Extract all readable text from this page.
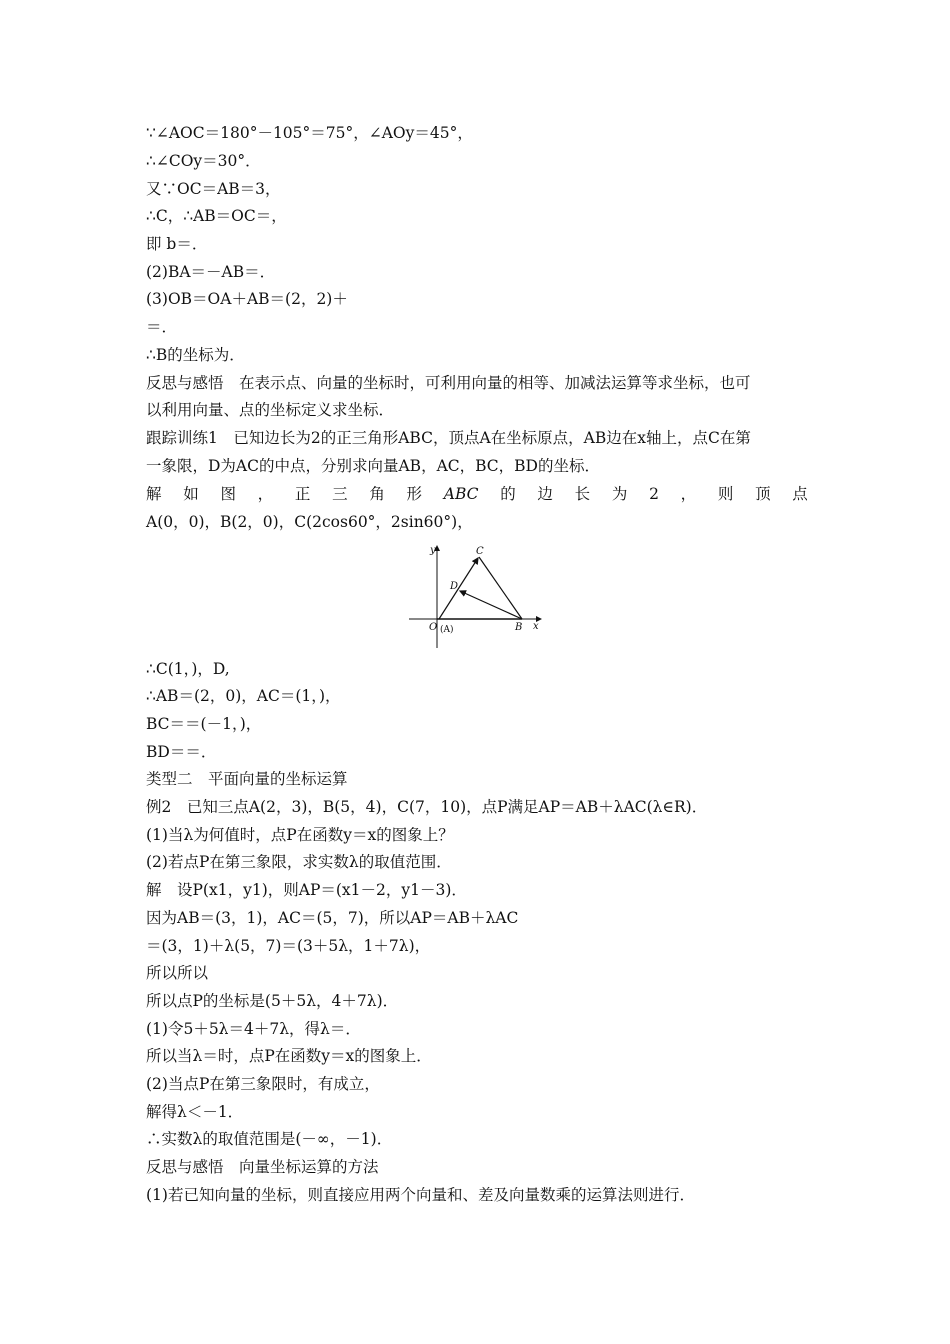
∵∠AOC＝180°－105°＝75°，∠AOy＝45°，
∴∠COy＝30°．
又∵OC＝AB＝3，
∴C，∴AB＝OC＝，
即 b＝．
(2)BA＝－AB＝．
(3)OB＝OA＋AB＝(2，2)＋
＝．
∴B的坐标为．
反思与感悟　在表示点、向量的坐标时，可利用向量的相等、加减法运算等求坐标，也可
以利用向量、点的坐标定义求坐标．
跟踪训练1　已知边长为2的正三角形ABC，顶点A在坐标原点，AB边在x轴上，点C在第
一象限，D为AC的中点，分别求向量AB，AC，BC，BD的坐标．
解 如 图 ， 正 三 角 形 ABC 的 边 长 为 2 ， 则 顶 点
A(0，0)，B(2，0)，C(2cos60°，2sin60°)，
y	C
D
O (A)	B x
∴C(1，)，D,
∴AB＝(2，0)，AC＝(1，)，
BC＝＝(－1，)，
BD＝＝．
类型二　平面向量的坐标运算
例2　已知三点A(2，3)，B(5，4)，C(7，10)，点P满足AP＝AB＋λAC(λ∈R)．
(1)当λ为何值时，点P在函数y＝x的图象上？
(2)若点P在第三象限，求实数λ的取值范围．
解　设P(x1，y1)，则AP＝(x1－2，y1－3)．
因为AB＝(3，1)，AC＝(5，7)，所以AP＝AB＋λAC
＝(3，1)＋λ(5，7)＝(3＋5λ，1＋7λ)，
所以所以
所以点P的坐标是(5＋5λ，4＋7λ)．
(1)令5＋5λ＝4＋7λ，得λ＝．
所以当λ＝时，点P在函数y＝x的图象上．
(2)当点P在第三象限时，有成立，
解得λ＜－1．
∴实数λ的取值范围是(－∞，－1)．
反思与感悟　向量坐标运算的方法
(1)若已知向量的坐标，则直接应用两个向量和、差及向量数乘的运算法则进行．
